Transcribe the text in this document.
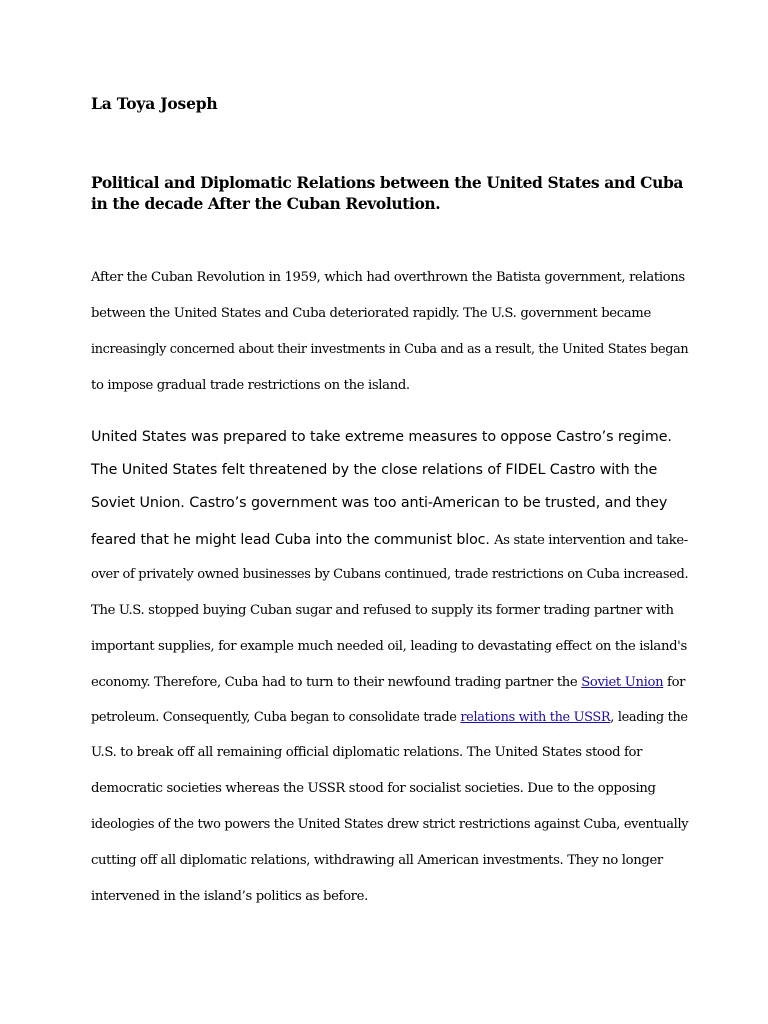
La Toya Joseph
Political and Diplomatic Relations between the United States and Cuba in the decade After the Cuban Revolution.
After the Cuban Revolution in 1959, which had overthrown the Batista government, relations
between the United States and Cuba deteriorated rapidly. The U.S. government became
increasingly concerned about their investments in Cuba and as a result, the United States began
to impose gradual trade restrictions on the island.
United States was prepared to take extreme measures to oppose Castro’s regime.
The United States felt threatened by the close relations of FIDEL Castro with the
Soviet Union. Castro’s government was too anti-American to be trusted, and they
feared that he might lead Cuba into the communist bloc. As state intervention and take-
over of privately owned businesses by Cubans continued, trade restrictions on Cuba increased.
The U.S. stopped buying Cuban sugar and refused to supply its former trading partner with
important supplies, for example much needed oil, leading to devastating effect on the island's
economy. Therefore, Cuba had to turn to their newfound trading partner the Soviet Union for
petroleum. Consequently, Cuba began to consolidate trade relations with the USSR, leading the
U.S. to break off all remaining official diplomatic relations. The United States stood for
democratic societies whereas the USSR stood for socialist societies. Due to the opposing
ideologies of the two powers the United States drew strict restrictions against Cuba, eventually
cutting off all diplomatic relations, withdrawing all American investments. They no longer
intervened in the island’s politics as before.
